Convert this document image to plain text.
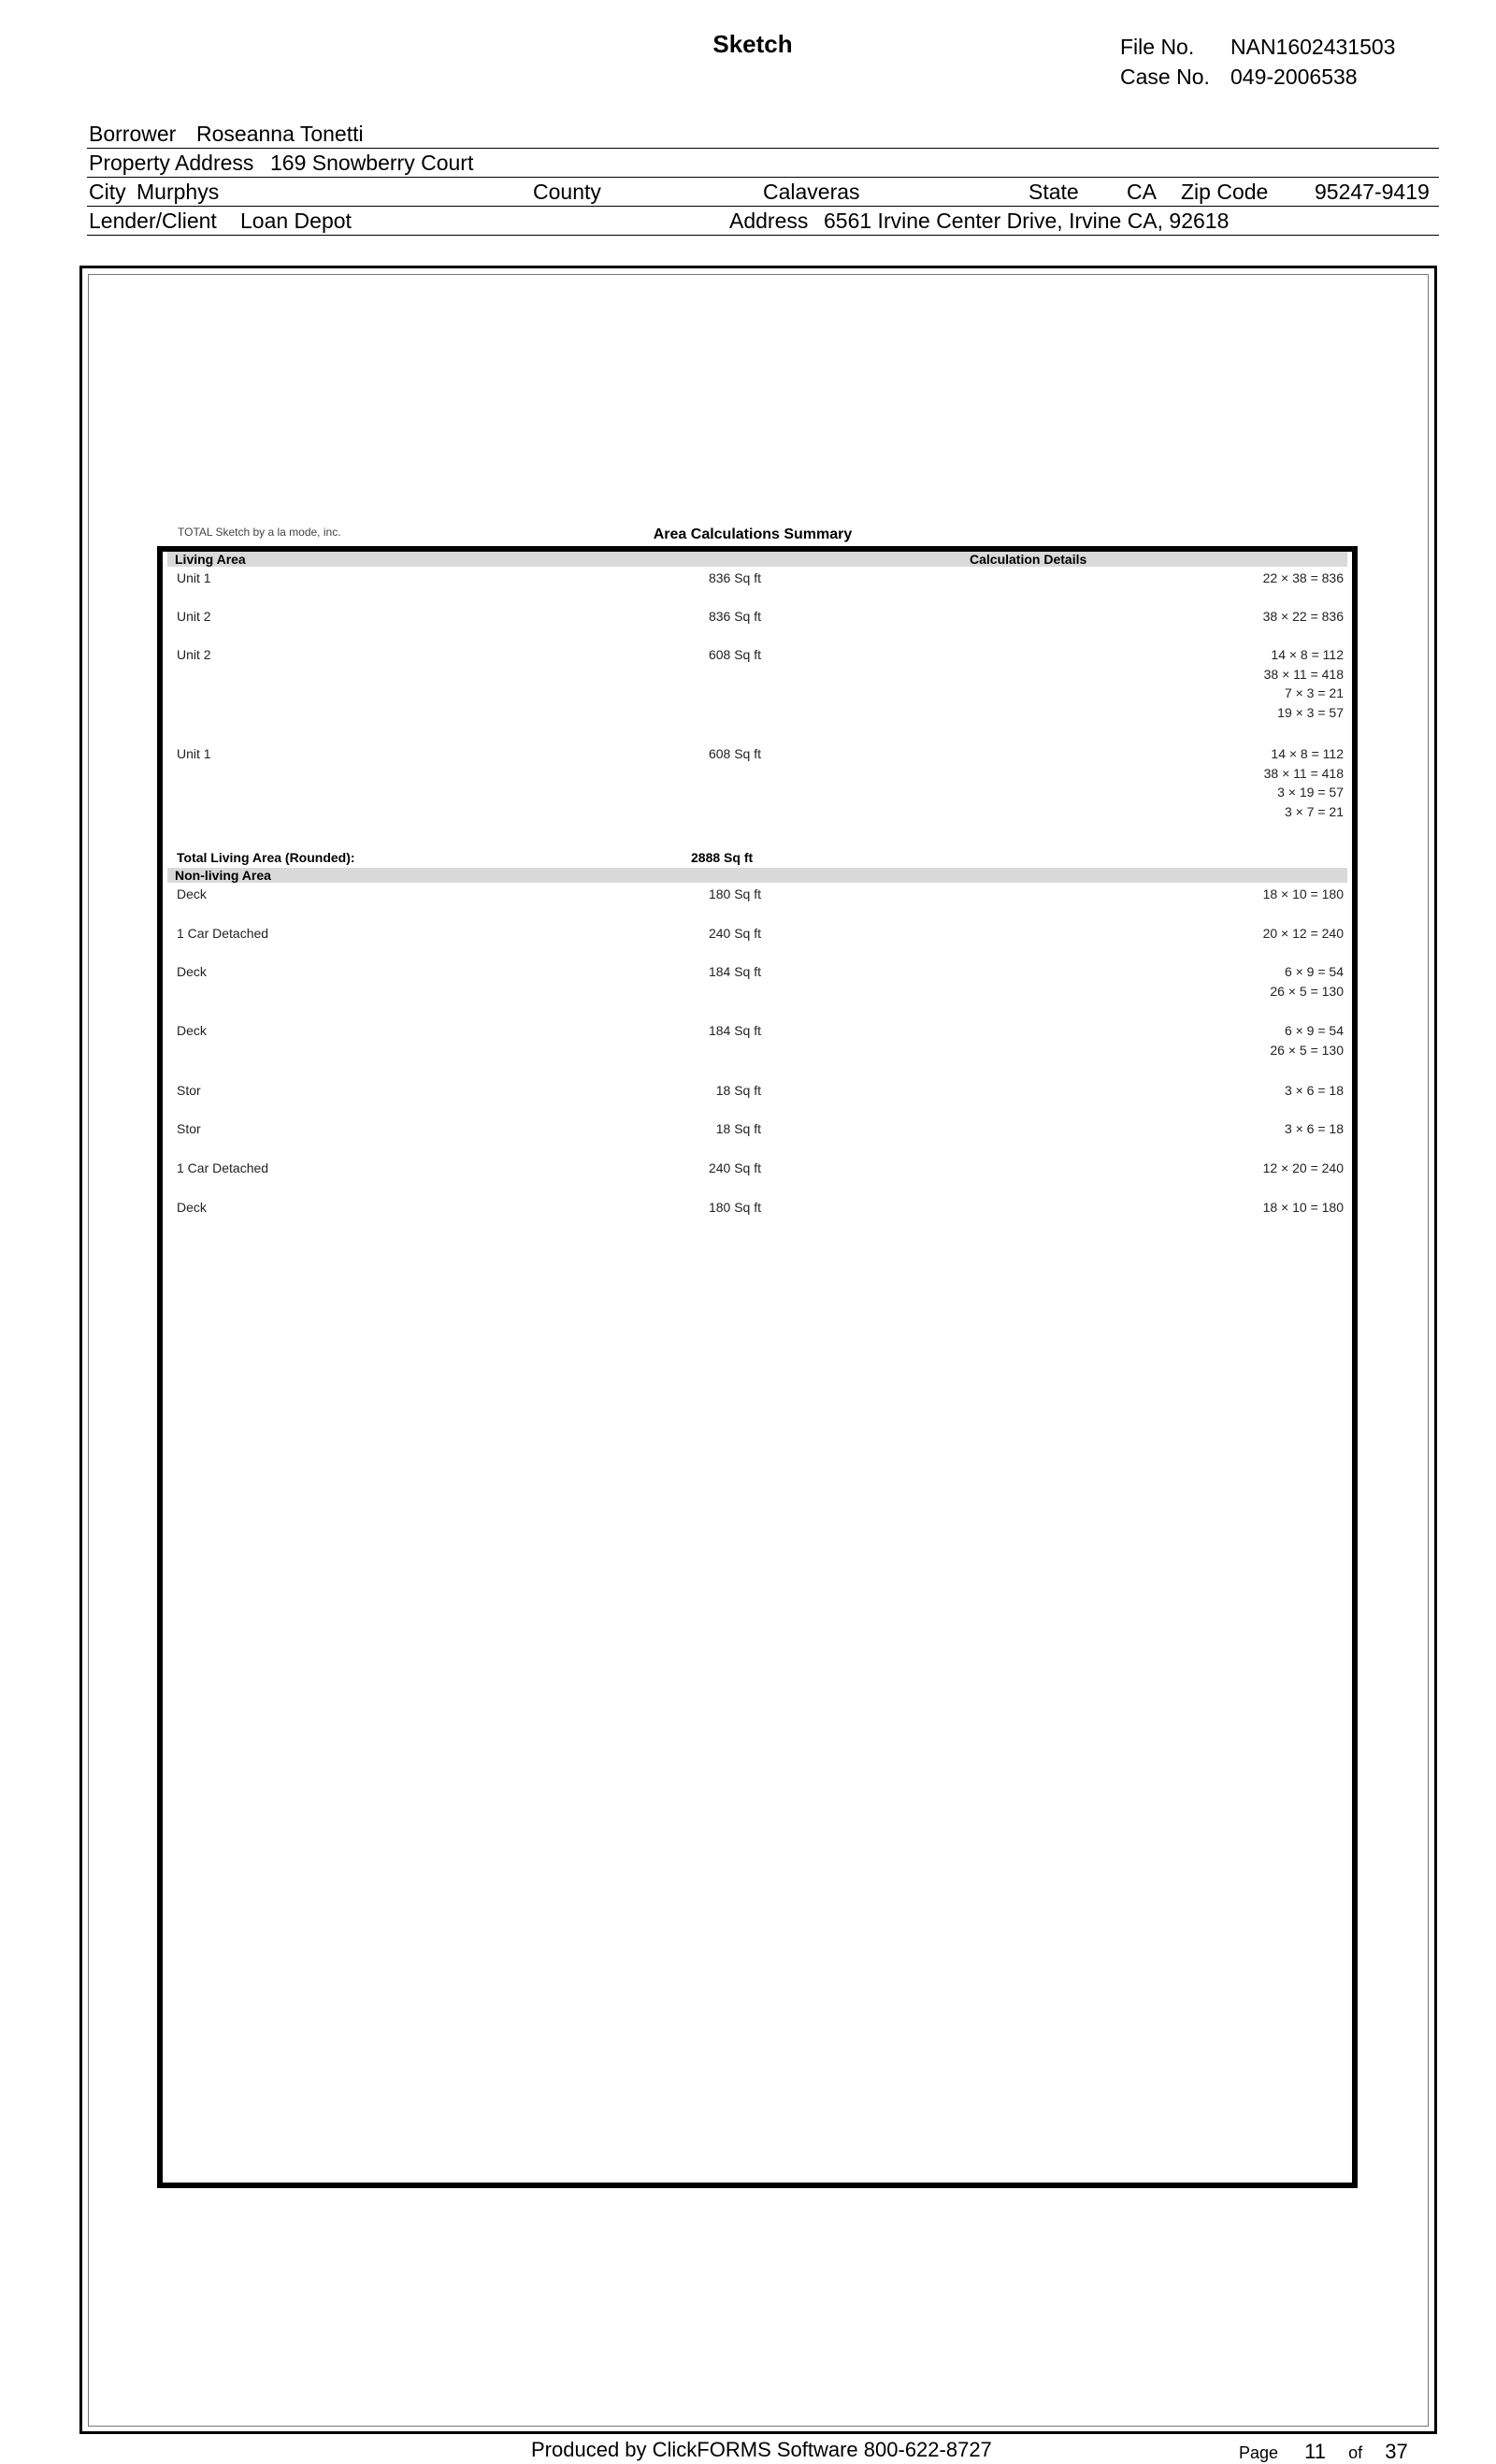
Sketch	File No. NAN1602431503
Case No. 049-2006538
Borrower Roseanna Tonetti
Property Address 169 Snowberry Court
City Murphys	County	Calaveras	State CA Zip Code 95247-9419
Lender/Client Loan Depot	Address 6561 Irvine Center Drive, Irvine CA, 92618
TOTAL Sketch by a la mode, inc.	Area Calculations Summary
Living Area	Calculation Details
Unit 1	836 Sq ft	22 × 38 = 836
Unit 2	836 Sq ft	38 × 22 = 836
Unit 2	608 Sq ft	14 × 8 = 112
38 × 11 = 418
7 × 3 = 21
19 × 3 = 57
Unit 1	608 Sq ft	14 × 8 = 112
38 × 11 = 418
3 × 19 = 57
3 × 7 = 21
Total Living Area (Rounded):	2888 Sq ft
Non-living Area
Deck	180 Sq ft	18 × 10 = 180
1 Car Detached	240 Sq ft	20 × 12 = 240
Deck	184 Sq ft	6 × 9 = 54
26 × 5 = 130
Deck	184 Sq ft	6 × 9 = 54
26 × 5 = 130
Stor	18 Sq ft	3 × 6 = 18
Stor	18 Sq ft	3 × 6 = 18
1 Car Detached	240 Sq ft	12 × 20 = 240
Deck	180 Sq ft	18 × 10 = 180
Produced by ClickFORMS Software 800-622-8727	Page 11 of 37
